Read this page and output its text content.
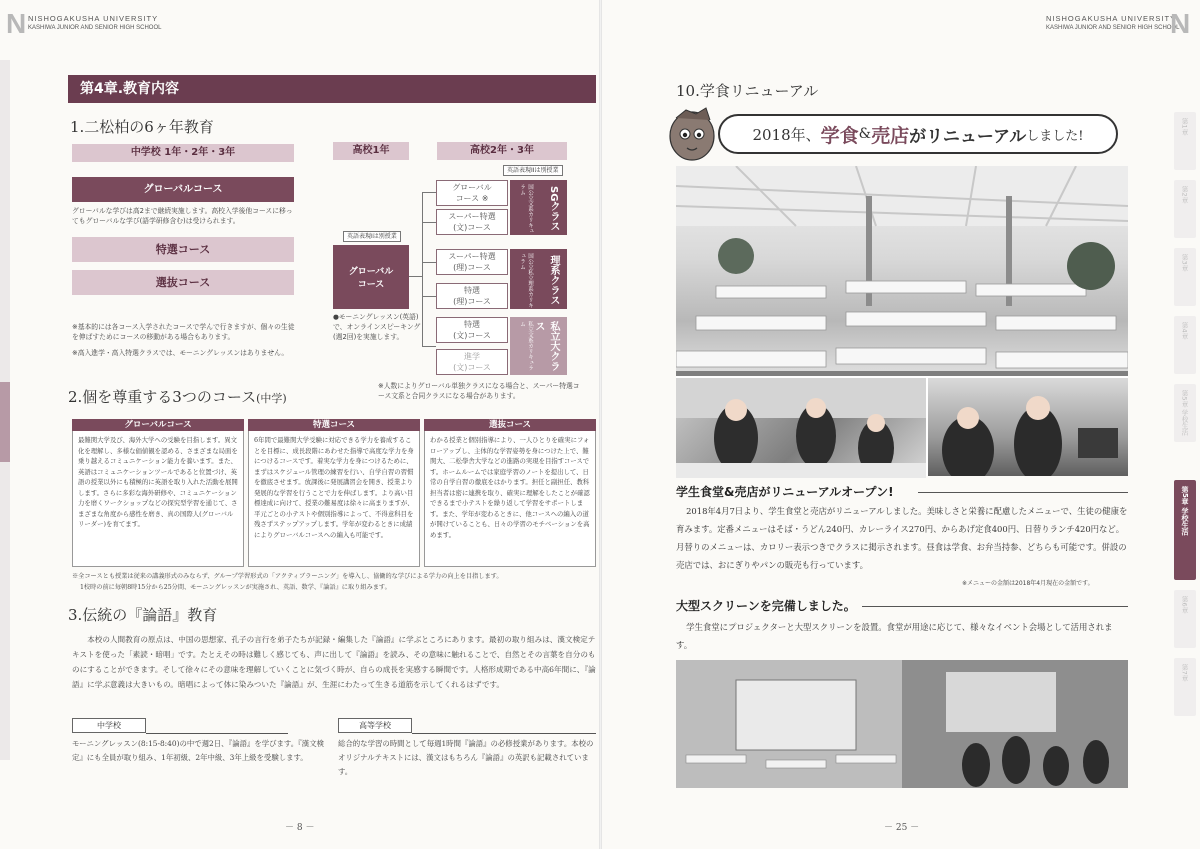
N NISHOGAKUSHA UNIVERSITY
KASHIWA JUNIOR AND SENIOR HIGH SCHOOL
第4章.教育内容
1.二松柏の6ヶ年教育
中学校 1年・2年・3年
グローバルコース
グローバルな学びは高2まで継続実施します。高校入学後他コースに移ってもグローバルな学び(語学研修含む)は受けられます。
特選コース
選抜コース
※基本的には各コース入学されたコースで学んで行きますが、個々の生徒を伸ばすためにコースの移動がある場合もあります。
※高入進学・高入特選クラスでは、モーニングレッスンはありません。
高校1年	高校2年・3年
英語表現IIは別授業
英語表現Iは別授業
グローバル
コース
●モーニングレッスン(英語)で、オンラインスピーキング(週2回)を実施します。
グローバル
コース ※
スーパー特選
(文)コース
スーパー特選
(理)コース
特選
(理)コース
特選
(文)コース
進学
(文)コース
SGクラス
国公立文系カリキュラム
理系クラス
国公立私立理系カリキュラム
私立大クラス
私立文系カリキュラム
※人数によりグローバル単独クラスになる場合と、スーパー特選コース文系と合同クラスになる場合があります。
2.個を尊重する3つのコース(中学)
グローバルコース

最難関大学及び、海外大学への受験を目指します。異文化を理解し、多様な価値観を認める、さまざまな局面を乗り越えるコミュニケーション能力を養います。また、英語はコミュニケーションツールであると位置づけ、英語の授業以外にも積極的に英語を取り入れた活動を展開します。さらに多彩な海外研修や、コミュニケーション力を磨くワークショップなどの探究型学習を通じて、さまざまな角度から感性を磨き、真の国際人(グローバルリーダー)を育てます。

特選コース

6年間で最難関大学受験に対応できる学力を養成することを目標に、成長段階にあわせた指導で高度な学力を身につけるコースです。着実な学力を身につけるために、まずはスケジュール管理の練習を行い、自学自習の習慣を徹底させます。放課後に発展講習会を開き、授業より発展的な学習を行うことで力を伸ばします。より高い目標達成に向けて、授業の難易度は徐々に高まりますが、平元ごとの小テストや個別指導によって、不得意科目を残さずステップアップします。学年が変わるときに成績によりグローバルコースへの編入も可能です。

選抜コース

わかる授業と個別指導により、一人ひとりを確実にフォローアップし、主体的な学習姿勢を身につけた上で、難関大、二松學舎大学などの進路の実現を目指すコースです。ホームルームでは家庭学習のノートを提出して、日常の自学自習の徹底をはかります。担任と副担任、教科担当者は密に連携を取り、確実に理解をしたことが確認できるまで小テストを繰り返して学習をサポートします。また、学年が変わるときに、他コースへの編入の道が開けていることも、日々の学習のモチベーションを高めます。

※全コースとも授業は従来の講義形式のみならず、グループ学習形式の「アクティブラーニング」を導入し、協働的な学びによる学力の向上を目指します。
1校時の前に毎朝8時15分から25分間、モーニングレッスンが実施され、英語、数学、『論語』に取り組みます。
3.伝統の『論語』教育
本校の人間教育の原点は、中国の思想家、孔子の言行を弟子たちが記録・編集した『論語』に学ぶところにあります。最初の取り組みは、漢文検定テキストを使った「素読・暗唱」です。たとえその時は難しく感じても、声に出して『論語』を読み、その意味に触れることで、自然とその言葉を自分のものにすることができます。そして徐々にその意味を理解していくことに気づく時が、自らの成長を実感する瞬間です。人格形成期である中高6年間に、『論語』に学ぶ意義は大きいもの。暗唱によって体に染みついた『論語』が、生涯にわたって生きる道筋を示してくれるはずです。
中学校
モーニングレッスン(8:15-8:40)の中で週2日、『論語』を学びます。『漢文検定』にも全員が取り組み、1年初級、2年中級、3年上級を受験します。
高等学校
総合的な学習の時間として毎週1時間『論語』の必修授業があります。本校のオリジナルテキストには、漢文はもちろん『論語』の英訳も記載されています。
－ 8 －
NISHOGAKUSHA UNIVERSITY
KASHIWA JUNIOR AND SENIOR HIGH SCHOOL
N
第1章
第2章
第3章
第4章
第5章 学校生活
第5章 学校生活
第6章
第7章
10.学食リニューアル
2018年、 学食 & 売店 がリニューアル しました!
学生食堂&売店がリニューアルオープン!
2018年4月7日より、学生食堂と売店がリニューアルしました。美味しさと栄養に配慮したメニューで、生徒の健康を育みます。定番メニューはそば・うどん240円、カレーライス270円、からあげ定食400円、日替りランチ420円など。月替りのメニューは、カロリー表示つきでクラスに掲示されます。昼食は学食、お弁当持参、どちらも可能です。併設の売店では、おにぎりやパンの販売も行っています。
※メニューの金額は2018年4月現在の金額です。
大型スクリーンを完備しました。
学生食堂にプロジェクターと大型スクリーンを設置。食堂が用途に応じて、様々なイベント会場として活用されます。
－ 25 －
